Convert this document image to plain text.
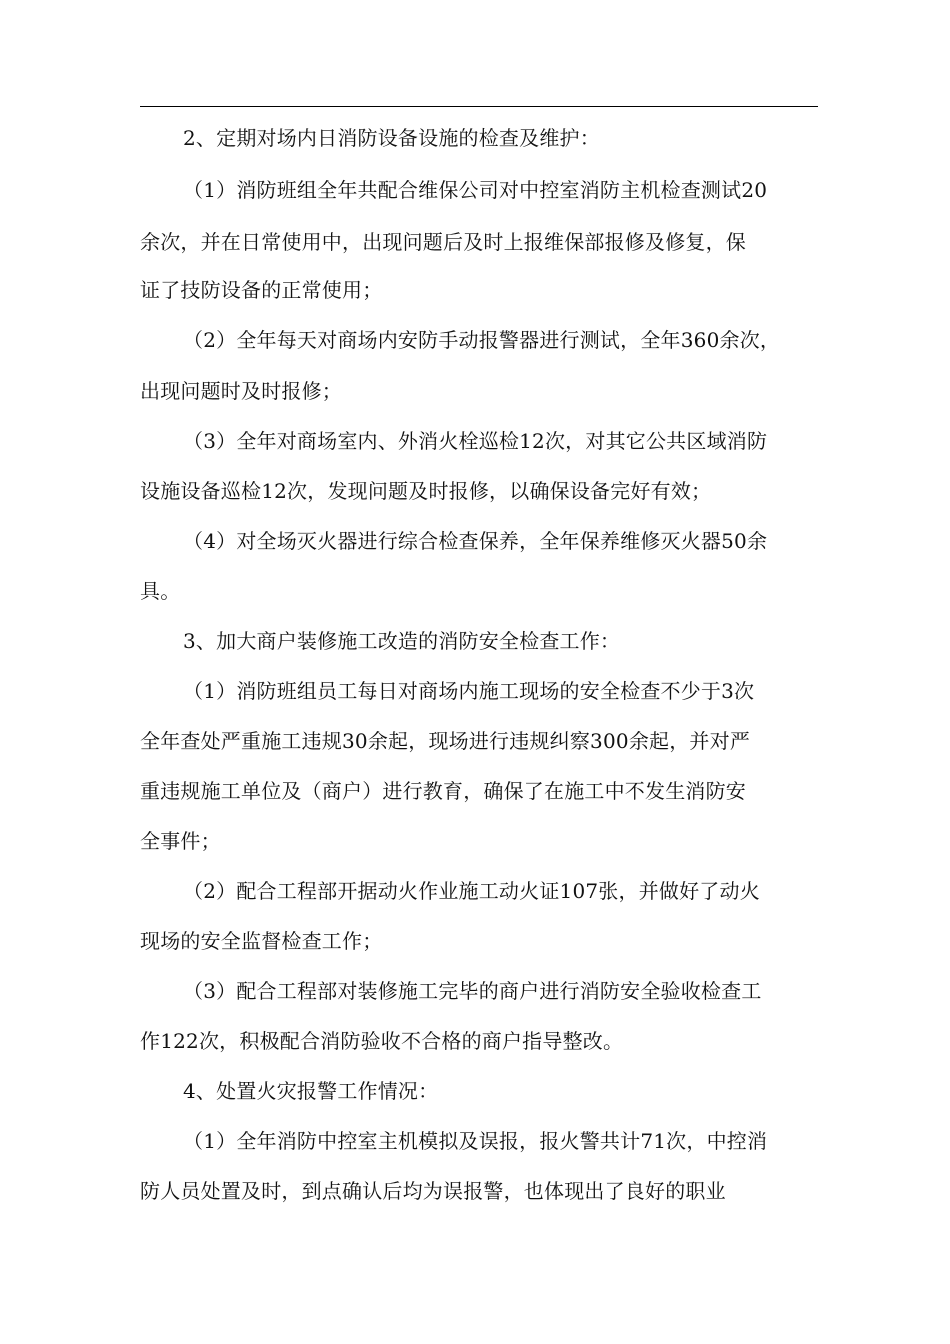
2、定期对场内日消防设备设施的检查及维护：
（1）消防班组全年共配合维保公司对中控室消防主机检查测试20
余次，并在日常使用中，出现问题后及时上报维保部报修及修复，保
证了技防设备的正常使用；
（2）全年每天对商场内安防手动报警器进行测试，全年360余次，
出现问题时及时报修；
（3）全年对商场室内、外消火栓巡检12次，对其它公共区域消防
设施设备巡检12次，发现问题及时报修，以确保设备完好有效；
（4）对全场灭火器进行综合检查保养，全年保养维修灭火器50余
具。
3、加大商户装修施工改造的消防安全检查工作：
（1）消防班组员工每日对商场内施工现场的安全检查不少于3次
全年查处严重施工违规30余起，现场进行违规纠察300余起，并对严
重违规施工单位及（商户）进行教育，确保了在施工中不发生消防安
全事件；
（2）配合工程部开据动火作业施工动火证107张，并做好了动火
现场的安全监督检查工作；
（3）配合工程部对装修施工完毕的商户进行消防安全验收检查工
作122次，积极配合消防验收不合格的商户指导整改。
4、处置火灾报警工作情况：
（1）全年消防中控室主机模拟及误报，报火警共计71次，中控消
防人员处置及时，到点确认后均为误报警，也体现出了良好的职业
